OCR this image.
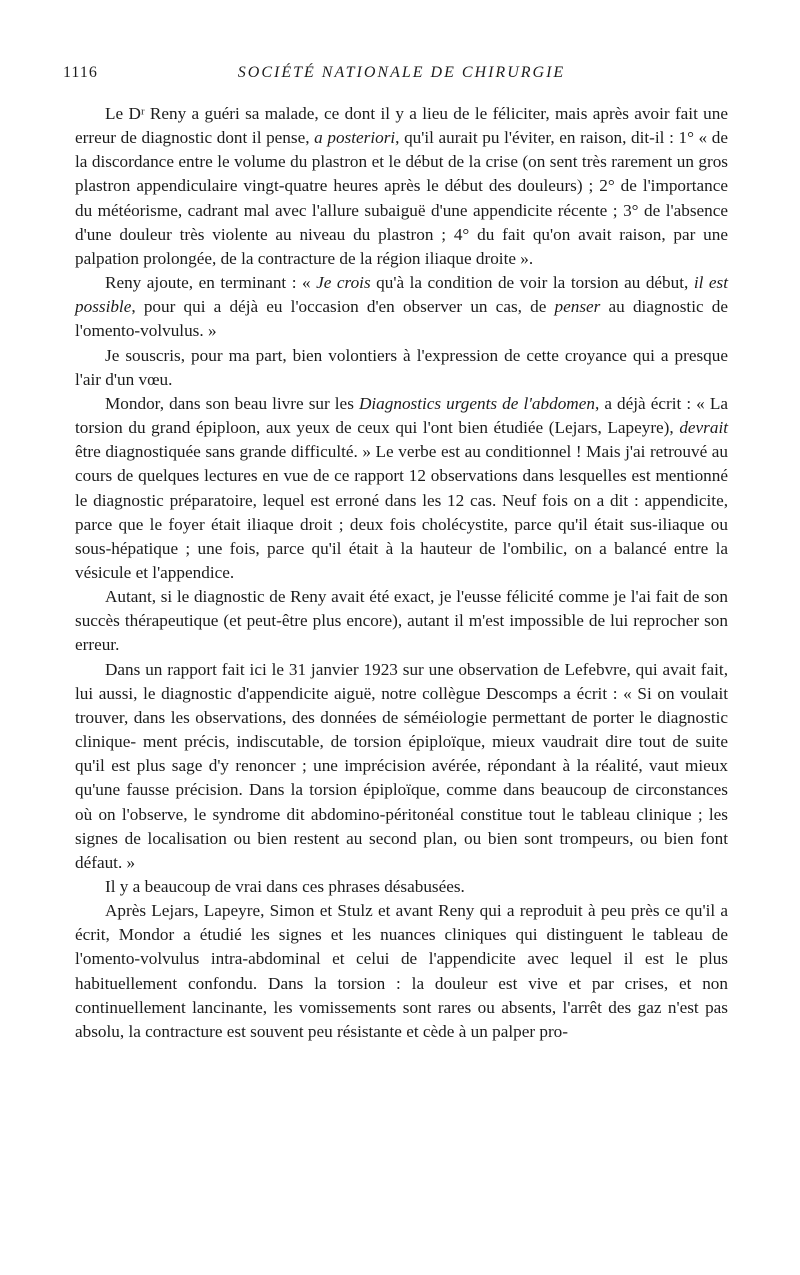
1116	SOCIÉTÉ NATIONALE DE CHIRURGIE

Le Dʳ Reny a guéri sa malade, ce dont il y a lieu de le féliciter, mais après avoir fait une erreur de diagnostic dont il pense, a posteriori, qu'il aurait pu l'éviter, en raison, dit-il : 1° « de la discordance entre le volume du plastron et le début de la crise (on sent très rarement un gros plastron appendiculaire vingt-quatre heures après le début des douleurs) ; 2° de l'importance du météorisme, cadrant mal avec l'allure subaiguë d'une appendicite récente ; 3° de l'absence d'une douleur très violente au niveau du plastron ; 4° du fait qu'on avait raison, par une palpation prolongée, de la contracture de la région iliaque droite ».

Reny ajoute, en terminant : « Je crois qu'à la condition de voir la torsion au début, il est possible, pour qui a déjà eu l'occasion d'en observer un cas, de penser au diagnostic de l'omento-volvulus. »

Je souscris, pour ma part, bien volontiers à l'expression de cette croyance qui a presque l'air d'un vœu.

Mondor, dans son beau livre sur les Diagnostics urgents de l'abdomen, a déjà écrit : « La torsion du grand épiploon, aux yeux de ceux qui l'ont bien étudiée (Lejars, Lapeyre), devrait être diagnostiquée sans grande difficulté. » Le verbe est au conditionnel ! Mais j'ai retrouvé au cours de quelques lectures en vue de ce rapport 12 observations dans lesquelles est mentionné le diagnostic préparatoire, lequel est erroné dans les 12 cas. Neuf fois on a dit : appendicite, parce que le foyer était iliaque droit ; deux fois cholécystite, parce qu'il était sus-iliaque ou sous-hépatique ; une fois, parce qu'il était à la hauteur de l'ombilic, on a balancé entre la vésicule et l'appendice.

Autant, si le diagnostic de Reny avait été exact, je l'eusse félicité comme je l'ai fait de son succès thérapeutique (et peut-être plus encore), autant il m'est impossible de lui reprocher son erreur.

Dans un rapport fait ici le 31 janvier 1923 sur une observation de Lefebvre, qui avait fait, lui aussi, le diagnostic d'appendicite aiguë, notre collègue Descomps a écrit : « Si on voulait trouver, dans les observations, des données de séméiologie permettant de porter le diagnostic clinique- ment précis, indiscutable, de torsion épiploïque, mieux vaudrait dire tout de suite qu'il est plus sage d'y renoncer ; une imprécision avérée, répondant à la réalité, vaut mieux qu'une fausse précision. Dans la torsion épiploïque, comme dans beaucoup de circonstances où on l'observe, le syndrome dit abdomino-péritonéal constitue tout le tableau clinique ; les signes de localisation ou bien restent au second plan, ou bien sont trompeurs, ou bien font défaut. »

Il y a beaucoup de vrai dans ces phrases désabusées.

Après Lejars, Lapeyre, Simon et Stulz et avant Reny qui a reproduit à peu près ce qu'il a écrit, Mondor a étudié les signes et les nuances cliniques qui distinguent le tableau de l'omento-volvulus intra-abdominal et celui de l'appendicite avec lequel il est le plus habituellement confondu. Dans la torsion : la douleur est vive et par crises, et non continuellement lancinante, les vomissements sont rares ou absents, l'arrêt des gaz n'est pas absolu, la contracture est souvent peu résistante et cède à un palper pro-
